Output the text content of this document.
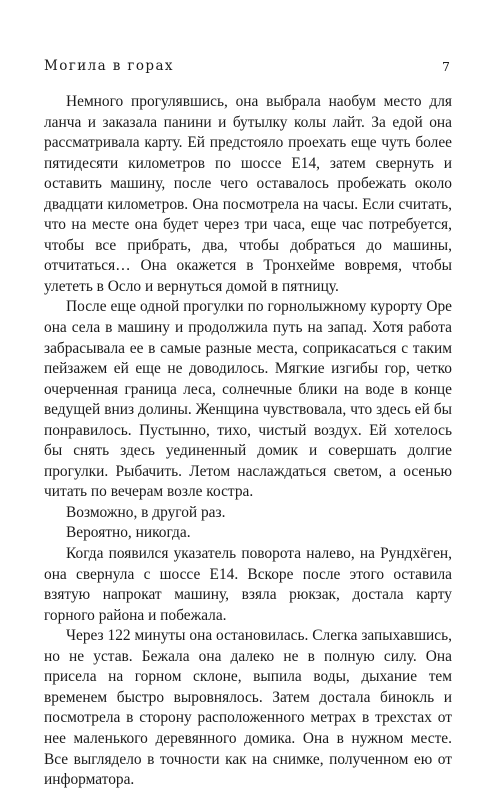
Могила в горах	7

Немного прогулявшись, она выбрала наобум место для ланча и заказала панини и бутылку колы лайт. За едой она рассматривала карту. Ей предстояло проехать еще чуть более пятидесяти километров по шоссе E14, затем свернуть и оставить машину, после чего оставалось пробежать около двадцати километров. Она посмотрела на часы. Если считать, что на месте она будет через три часа, еще час потребуется, чтобы все прибрать, два, чтобы добраться до машины, отчитаться… Она окажется в Тронхейме вовремя, чтобы улететь в Осло и вернуться домой в пятницу.

После еще одной прогулки по горнолыжному курорту Оре она села в машину и продолжила путь на запад. Хотя работа забрасывала ее в самые разные места, соприкасаться с таким пейзажем ей еще не доводилось. Мягкие изгибы гор, четко очерченная граница леса, солнечные блики на воде в конце ведущей вниз долины. Женщина чувствовала, что здесь ей бы понравилось. Пустынно, тихо, чистый воздух. Ей хотелось бы снять здесь уединенный домик и совершать долгие прогулки. Рыбачить. Летом наслаждаться светом, а осенью читать по вечерам возле костра.

Возможно, в другой раз.

Вероятно, никогда.

Когда появился указатель поворота налево, на Рундхёген, она свернула с шоссе E14. Вскоре после этого оставила взятую напрокат машину, взяла рюкзак, достала карту горного района и побежала.

Через 122 минуты она остановилась. Слегка запыхавшись, но не устав. Бежала она далеко не в полную силу. Она присела на горном склоне, выпила воды, дыхание тем временем быстро выровнялось. Затем достала бинокль и посмотрела в сторону расположенного метрах в трехстах от нее маленького деревянного домика. Она в нужном месте. Все выглядело в точности как на снимке, полученном ею от информатора.
